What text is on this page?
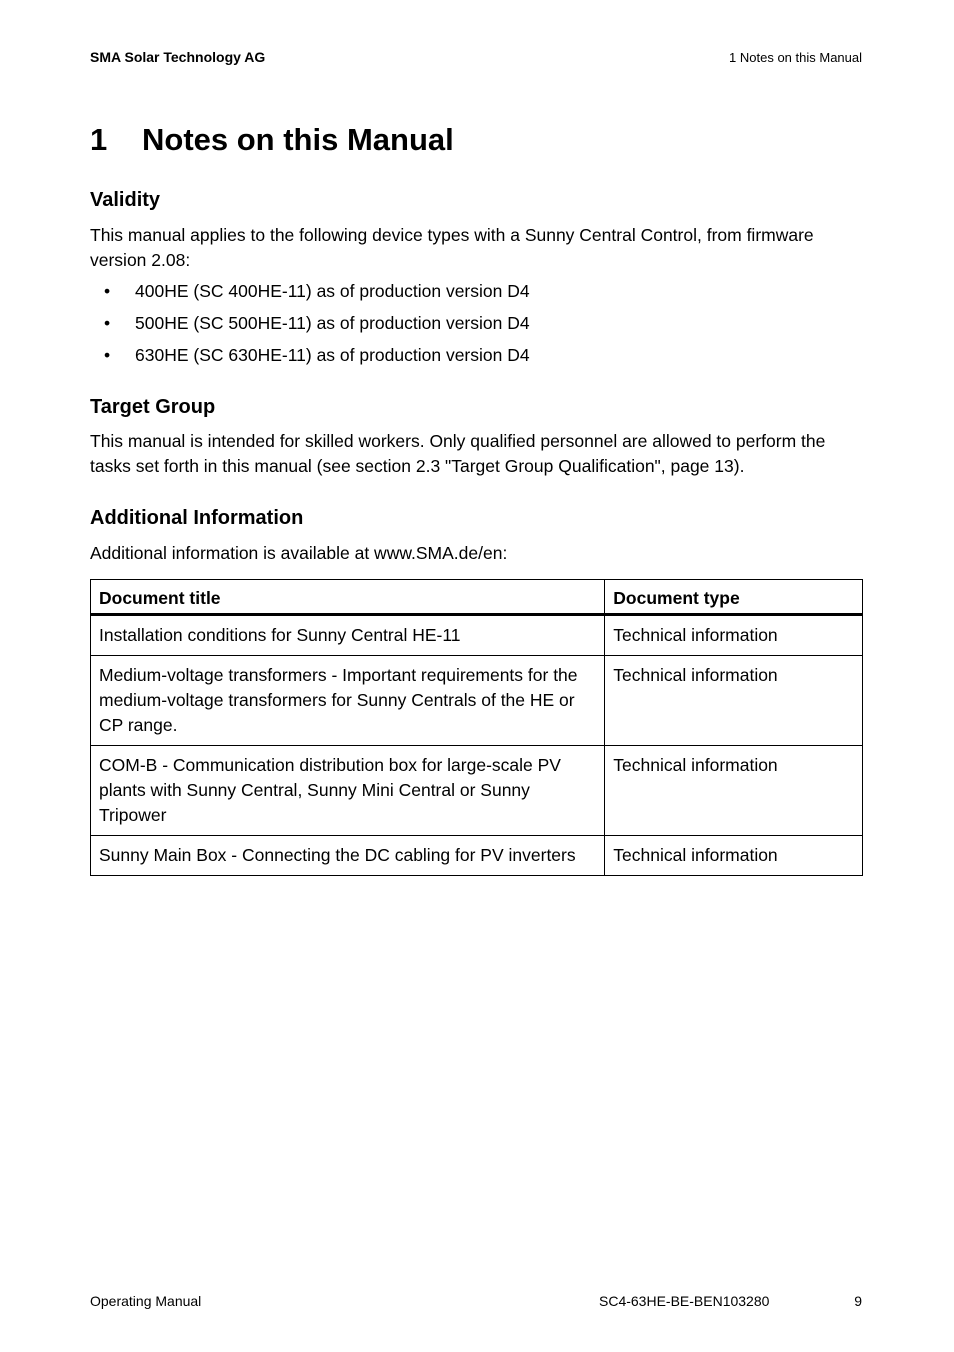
SMA Solar Technology AG	1 Notes on this Manual
1 Notes on this Manual
Validity

This manual applies to the following device types with a Sunny Central Control, from firmware version 2.08:

• 400HE (SC 400HE-11) as of production version D4
• 500HE (SC 500HE-11) as of production version D4
• 630HE (SC 630HE-11) as of production version D4
Target Group

This manual is intended for skilled workers. Only qualified personnel are allowed to perform the tasks set forth in this manual (see section 2.3 "Target Group Qualification", page 13).

Additional Information

Additional information is available at www.SMA.de/en:

Document title	Document type
Installation conditions for Sunny Central HE-11	Technical information
Medium-voltage transformers - Important requirements for the medium-voltage transformers for Sunny Centrals of the HE or CP range.	Technical information
COM-B - Communication distribution box for large-scale PV plants with Sunny Central, Sunny Mini Central or Sunny Tripower	Technical information
Sunny Main Box - Connecting the DC cabling for PV inverters	Technical information
Operating Manual	SC4-63HE-BE-BEN103280	9
